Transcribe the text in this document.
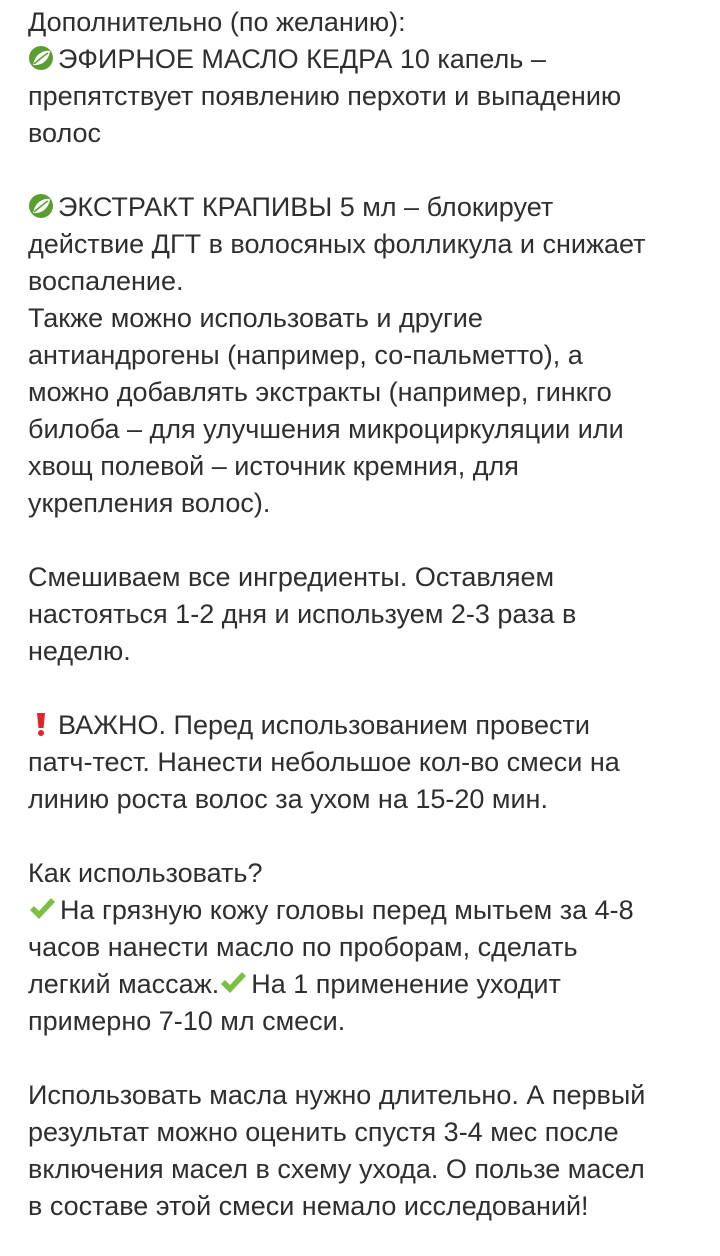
Дополнительно (по желанию):
ЭФИРНОЕ МАСЛО КЕДРА 10 капель –
препятствует появлению перхоти и выпадению
волос
ЭКСТРАКТ КРАПИВЫ 5 мл – блокирует
действие ДГТ в волосяных фолликула и снижает
воспаление.
Также можно использовать и другие
антиандрогены (например, со-пальметто), а
можно добавлять экстракты (например, гинкго
билоба – для улучшения микроциркуляции или
хвощ полевой – источник кремния, для
укрепления волос).
Смешиваем все ингредиенты. Оставляем
настояться 1-2 дня и используем 2-3 раза в
неделю.
ВАЖНО. Перед использованием провести
патч-тест. Нанести небольшое кол-во смеси на
линию роста волос за ухом на 15-20 мин.
Как использовать?
На грязную кожу головы перед мытьем за 4-8
часов нанести масло по проборам, сделать
легкий массаж. На 1 применение уходит
примерно 7-10 мл смеси.
Использовать масла нужно длительно. А первый
результат можно оценить спустя 3-4 мес после
включения масел в схему ухода. О пользе масел
в составе этой смеси немало исследований!
